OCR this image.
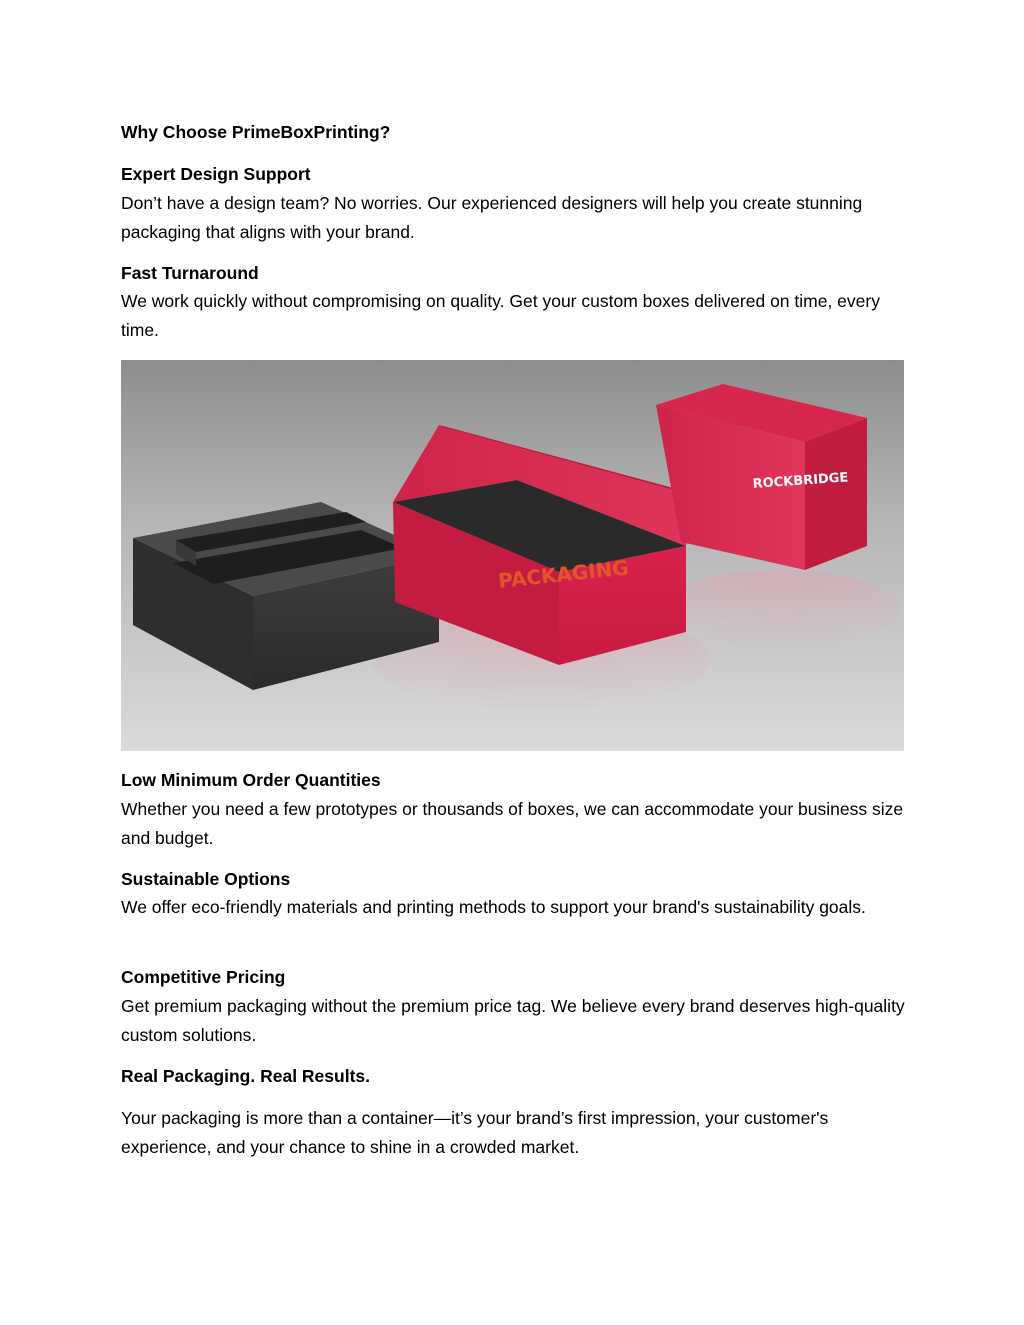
Why Choose PrimeBoxPrinting?
Expert Design Support

Don’t have a design team? No worries. Our experienced designers will help you create stunning packaging that aligns with your brand.

Fast Turnaround

We work quickly without compromising on quality. Get your custom boxes delivered on time, every time.

PACKAGING
ROCKBRIDGE
Low Minimum Order Quantities

Whether you need a few prototypes or thousands of boxes, we can accommodate your business size and budget.

Sustainable Options

We offer eco-friendly materials and printing methods to support your brand's sustainability goals.

Competitive Pricing

Get premium packaging without the premium price tag. We believe every brand deserves high-quality custom solutions.

Real Packaging. Real Results.

Your packaging is more than a container—it’s your brand’s first impression, your customer's experience, and your chance to shine in a crowded market.
